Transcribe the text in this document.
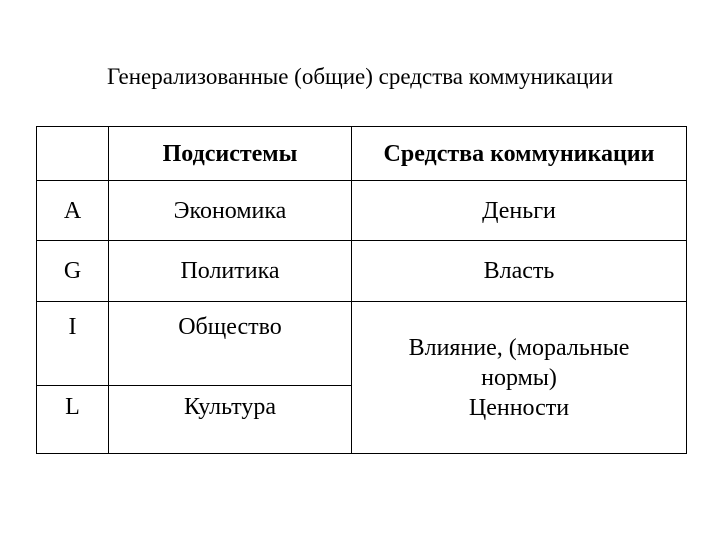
Генерализованные (общие) средства коммуникации
	Подсистемы	Средства коммуникации
A	Экономика	Деньги
G	Политика	Власть
I	Общество	Влияние, (моральные
нормы)
Ценности

L	Культура	
